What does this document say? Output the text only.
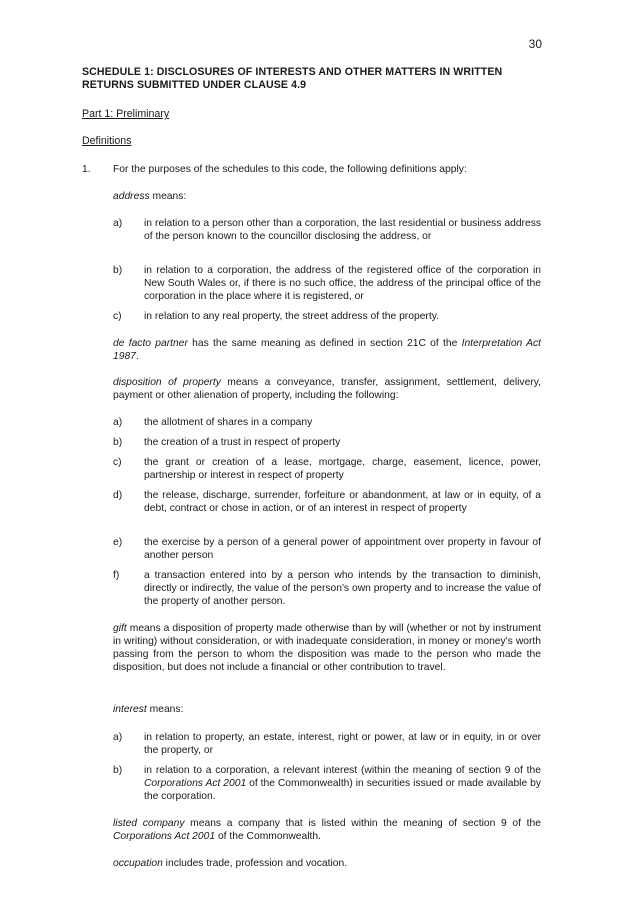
30
SCHEDULE 1: DISCLOSURES OF INTERESTS AND OTHER MATTERS IN WRITTEN RETURNS SUBMITTED UNDER CLAUSE 4.9
Part 1: Preliminary
Definitions
1. For the purposes of the schedules to this code, the following definitions apply:
address means:
a) in relation to a person other than a corporation, the last residential or business address of the person known to the councillor disclosing the address, or
b) in relation to a corporation, the address of the registered office of the corporation in New South Wales or, if there is no such office, the address of the principal office of the corporation in the place where it is registered, or
c) in relation to any real property, the street address of the property.
de facto partner has the same meaning as defined in section 21C of the Interpretation Act 1987.
disposition of property means a conveyance, transfer, assignment, settlement, delivery, payment or other alienation of property, including the following:
a) the allotment of shares in a company
b) the creation of a trust in respect of property
c) the grant or creation of a lease, mortgage, charge, easement, licence, power, partnership or interest in respect of property
d) the release, discharge, surrender, forfeiture or abandonment, at law or in equity, of a debt, contract or chose in action, or of an interest in respect of property
e) the exercise by a person of a general power of appointment over property in favour of another person
f) a transaction entered into by a person who intends by the transaction to diminish, directly or indirectly, the value of the person's own property and to increase the value of the property of another person.
gift means a disposition of property made otherwise than by will (whether or not by instrument in writing) without consideration, or with inadequate consideration, in money or money's worth passing from the person to whom the disposition was made to the person who made the disposition, but does not include a financial or other contribution to travel.
interest means:
a) in relation to property, an estate, interest, right or power, at law or in equity, in or over the property, or
b) in relation to a corporation, a relevant interest (within the meaning of section 9 of the Corporations Act 2001 of the Commonwealth) in securities issued or made available by the corporation.
listed company means a company that is listed within the meaning of section 9 of the Corporations Act 2001 of the Commonwealth.
occupation includes trade, profession and vocation.
